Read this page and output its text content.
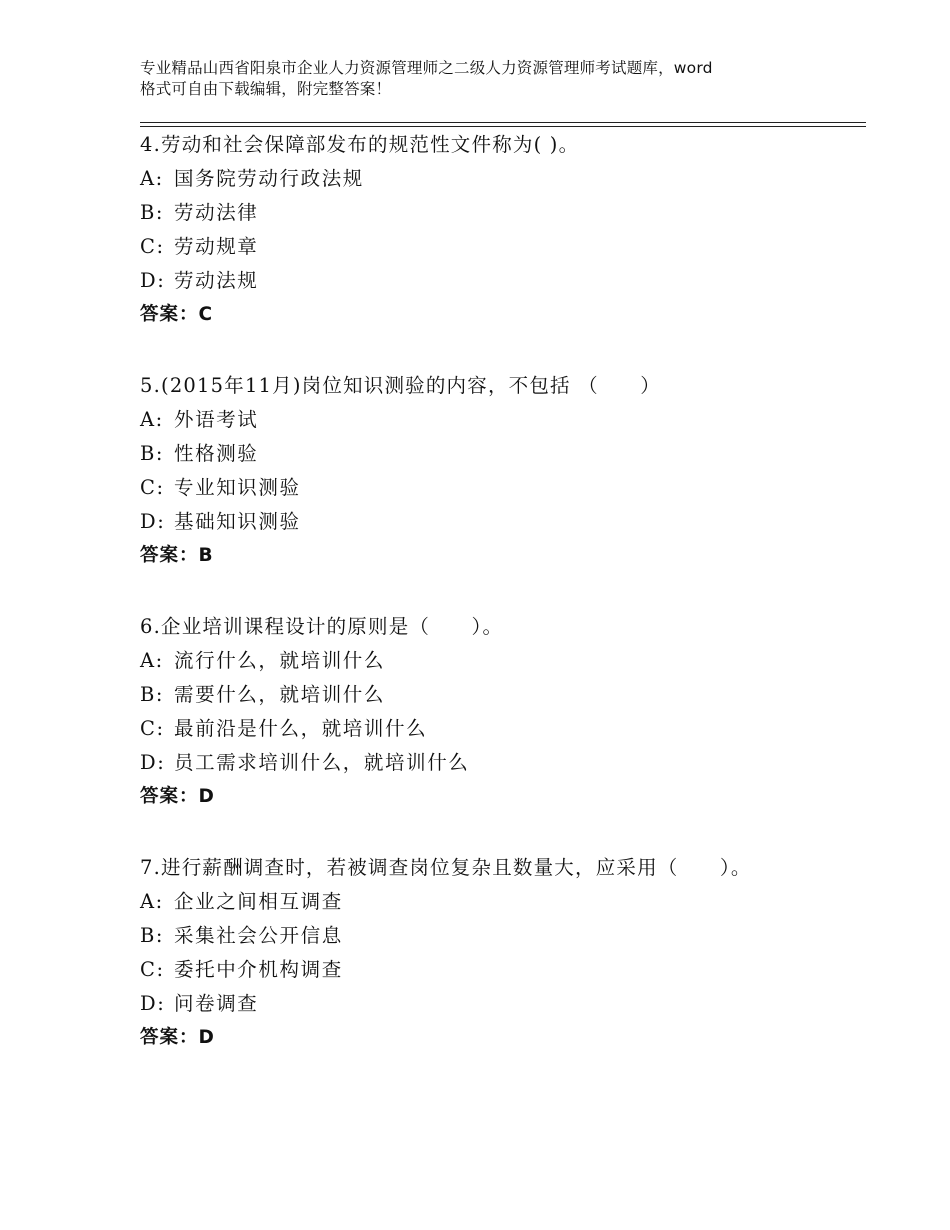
专业精品山西省阳泉市企业人力资源管理师之二级人力资源管理师考试题库，word
格式可自由下载编辑，附完整答案！
4.劳动和社会保障部发布的规范性文件称为( )。
A: 国务院劳动行政法规
B: 劳动法律
C: 劳动规章
D: 劳动法规
答案：C
5.(2015年11月)岗位知识测验的内容，不包括 （　　）
A: 外语考试
B: 性格测验
C: 专业知识测验
D: 基础知识测验
答案：B
6.企业培训课程设计的原则是（　　）。
A: 流行什么，就培训什么
B: 需要什么，就培训什么
C: 最前沿是什么，就培训什么
D: 员工需求培训什么，就培训什么
答案：D
7.进行薪酬调查时，若被调查岗位复杂且数量大，应采用（　　）。
A: 企业之间相互调查
B: 采集社会公开信息
C: 委托中介机构调查
D: 问卷调查
答案：D
